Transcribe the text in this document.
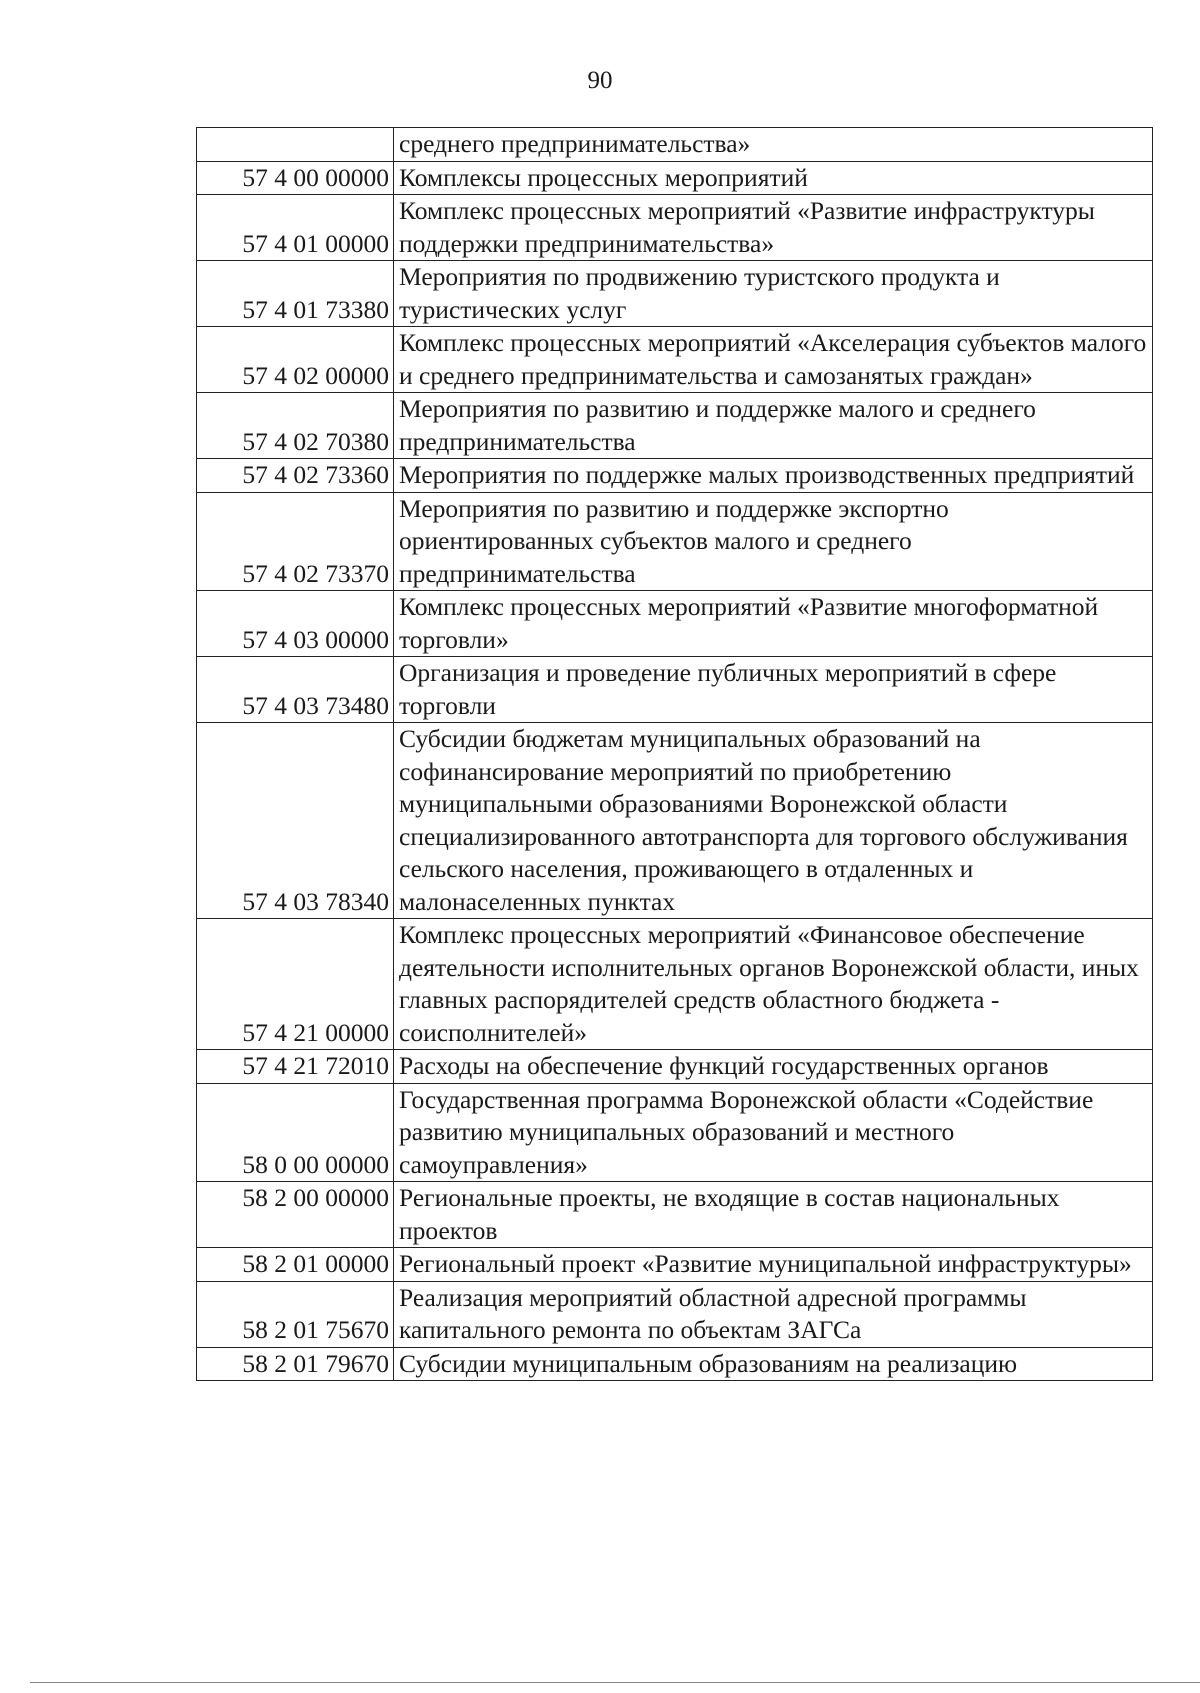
90
	среднего предпринимательства»
57 4 00 00000	Комплексы процессных мероприятий
57 4 01 00000	Комплекс процессных мероприятий «Развитие инфраструктуры поддержки предпринимательства»
57 4 01 73380	Мероприятия по продвижению туристского продукта и туристических услуг
57 4 02 00000	Комплекс процессных мероприятий «Акселерация субъектов малого и среднего предпринимательства и самозанятых граждан»
57 4 02 70380	Мероприятия по развитию и поддержке малого и среднего предпринимательства
57 4 02 73360	Мероприятия по поддержке малых производственных предприятий
57 4 02 73370	Мероприятия по развитию и поддержке экспортно ориентированных субъектов малого и среднего предпринимательства
57 4 03 00000	Комплекс процессных мероприятий «Развитие многоформатной торговли»
57 4 03 73480	Организация и проведение публичных мероприятий в сфере торговли
57 4 03 78340	Субсидии бюджетам муниципальных образований на софинансирование мероприятий по приобретению муниципальными образованиями Воронежской области специализированного автотранспорта для торгового обслуживания сельского населения, проживающего в отдаленных и малонаселенных пунктах
57 4 21 00000	Комплекс процессных мероприятий «Финансовое обеспечение деятельности исполнительных органов Воронежской области, иных главных распорядителей средств областного бюджета - соисполнителей»
57 4 21 72010	Расходы на обеспечение функций государственных органов
58 0 00 00000	Государственная программа Воронежской области «Содействие развитию муниципальных образований и местного самоуправления»
58 2 00 00000	Региональные проекты, не входящие в состав национальных проектов
58 2 01 00000	Региональный проект «Развитие муниципальной инфраструктуры»
58 2 01 75670	Реализация мероприятий областной адресной программы капитального ремонта по объектам ЗАГСа
58 2 01 79670	Субсидии муниципальным образованиям на реализацию
